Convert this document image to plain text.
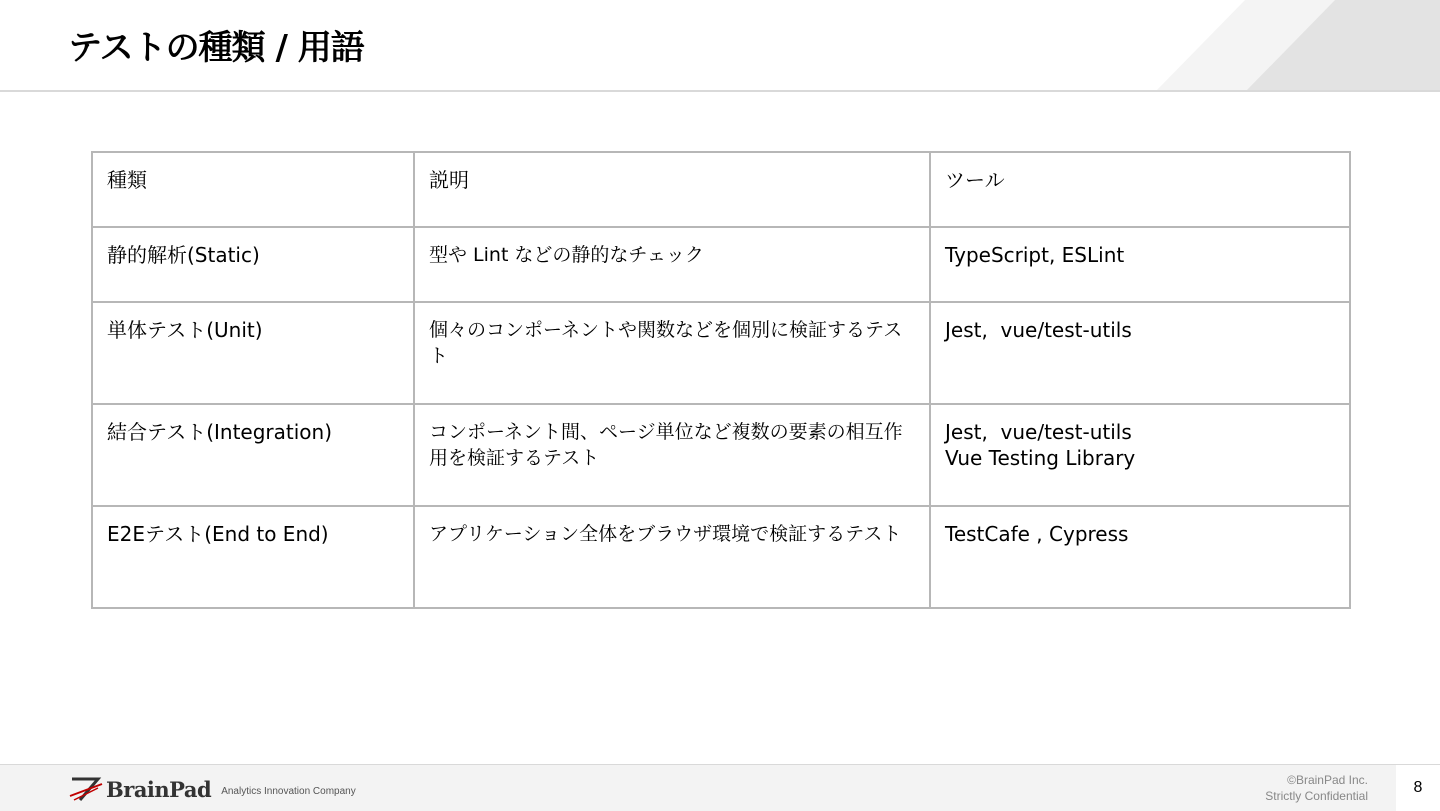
テストの種類 / 用語
種類	説明	ツール
静的解析(Static)	型や Lint などの静的なチェック	TypeScript, ESLint

単体テスト(Unit)	個々のコンポーネントや関数などを個別に検証するテスト	Jest,  vue/test-utils

結合テスト(Integration)	コンポーネント間、ページ単位など複数の要素の相互作用を検証するテスト	Jest,  vue/test-utils
Vue Testing Library

E2Eテスト(End to End)	アプリケーション全体をブラウザ環境で検証するテスト	TestCafe , Cypress
BrainPad Analytics Innovation Company
©BrainPad Inc.
Strictly Confidential	8
